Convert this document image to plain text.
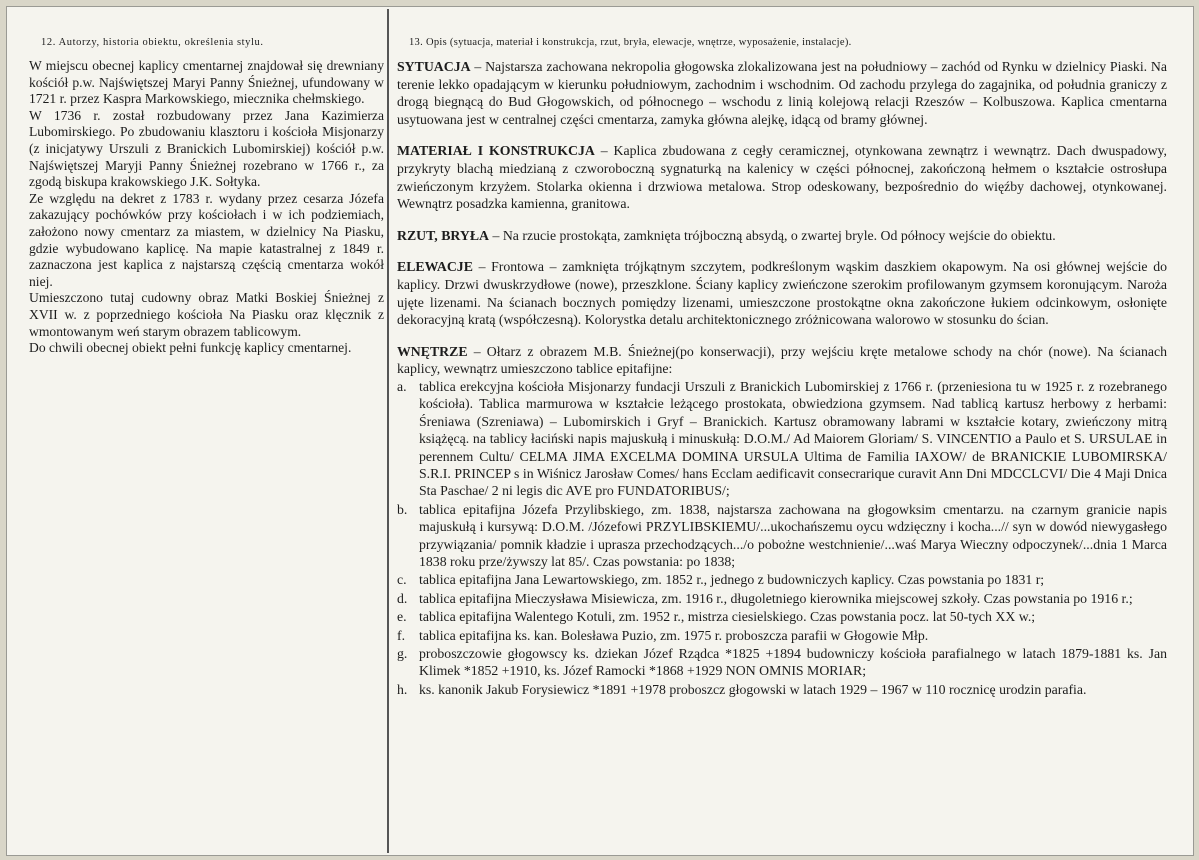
12. Autorzy, historia obiektu, określenia stylu.

W miejscu obecnej kaplicy cmentarnej znajdował się drewniany kościół p.w. Najświętszej Maryi Panny Śnieżnej, ufundowany w 1721 r. przez Kaspra Markowskiego, miecznika chełmskiego.

W 1736 r. został rozbudowany przez Jana Kazimierza Lubomirskiego. Po zbudowaniu klasztoru i kościoła Misjonarzy (z inicjatywy Urszuli z Branickich Lubomirskiej) kościół p.w. Najświętszej Maryji Panny Śnieżnej rozebrano w 1766 r., za zgodą biskupa krakowskiego J.K. Sołtyka.

Ze względu na dekret z 1783 r. wydany przez cesarza Józefa zakazujący pochówków przy kościołach i w ich podziemiach, założono nowy cmentarz za miastem, w dzielnicy Na Piasku, gdzie wybudowano kaplicę. Na mapie katastralnej z 1849 r. zaznaczona jest kaplica z najstarszą częścią cmentarza wokół niej.

Umieszczono tutaj cudowny obraz Matki Boskiej Śnieżnej z XVII w. z poprzedniego kościoła Na Piasku oraz klęcznik z wmontowanym weń starym obrazem tablicowym.

Do chwili obecnej obiekt pełni funkcję kaplicy cmentarnej.

13. Opis (sytuacja, materiał i konstrukcja, rzut, bryła, elewacje, wnętrze, wyposażenie, instalacje).

SYTUACJA – Najstarsza zachowana nekropolia głogowska zlokalizowana jest na południowy – zachód od Rynku w dzielnicy Piaski. Na terenie lekko opadającym w kierunku południowym, zachodnim i wschodnim. Od zachodu przylega do zagajnika, od południa graniczy z drogą biegnącą do Bud Głogowskich, od północnego – wschodu z linią kolejową relacji Rzeszów – Kolbuszowa. Kaplica cmentarna usytuowana jest w centralnej części cmentarza, zamyka główna alejkę, idącą od bramy głównej.

MATERIAŁ I KONSTRUKCJA – Kaplica zbudowana z cegły ceramicznej, otynkowana zewnątrz i wewnątrz. Dach dwuspadowy, przykryty blachą miedzianą z czworoboczną sygnaturką na kalenicy w części północnej, zakończoną hełmem o kształcie ostrosłupa zwieńczonym krzyżem. Stolarka okienna i drzwiowa metalowa. Strop odeskowany, bezpośrednio do więźby dachowej, otynkowanej. Wewnątrz posadzka kamienna, granitowa.

RZUT, BRYŁA – Na rzucie prostokąta, zamknięta trójboczną absydą, o zwartej bryle. Od północy wejście do obiektu.

ELEWACJE – Frontowa – zamknięta trójkątnym szczytem, podkreślonym wąskim daszkiem okapowym. Na osi głównej wejście do kaplicy. Drzwi dwuskrzydłowe (nowe), przeszklone. Ściany kaplicy zwieńczone szerokim profilowanym gzymsem koronującym. Naroża ujęte lizenami. Na ścianach bocznych pomiędzy lizenami, umieszczone prostokątne okna zakończone łukiem odcinkowym, osłonięte dekoracyjną kratą (współczesną). Kolorystka detalu architektonicznego zróżnicowana walorowo w stosunku do ścian.

WNĘTRZE – Ołtarz z obrazem M.B. Śnieżnej(po konserwacji), przy wejściu kręte metalowe schody na chór (nowe). Na ścianach kaplicy, wewnątrz umieszczono tablice epitafijne:

a. tablica erekcyjna kościoła Misjonarzy fundacji Urszuli z Branickich Lubomirskiej z 1766 r. (przeniesiona tu w 1925 r. z rozebranego kościoła). Tablica marmurowa w kształcie leżącego prostokata, obwiedziona gzymsem. Nad tablicą kartusz herbowy z herbami: Śreniawa (Szreniawa) – Lubomirskich i Gryf – Branickich. Kartusz obramowany labrami w kształcie kotary, zwieńczony mitrą książęcą. na tablicy łaciński napis majuskułą i minuskułą: D.O.M./ Ad Maiorem Gloriam/ S. VINCENTIO a Paulo et S. URSULAE in perennem Cultu/ CELMA JIMA EXCELMA DOMINA URSULA Ultima de Familia IAXOW/ de BRANICKIE LUBOMIRSKA/ S.R.I. PRINCEP s in Wiśnicz Jarosław Comes/ hans Ecclam aedificavit consecrarique curavit Ann Dni MDCCLCVI/ Die 4 Maji Dnica Sta Paschae/ 2 ni legis dic AVE pro FUNDATORIBUS/;
b. tablica epitafijna Józefa Przylibskiego, zm. 1838, najstarsza zachowana na głogowksim cmentarzu. na czarnym granicie napis majuskułą i kursywą: D.O.M. /Józefowi PRZYLIBSKIEMU/...ukochańszemu oycu wdzięczny i kocha...// syn w dowód niewygasłego przywiązania/ pomnik kładzie i uprasza przechodzących.../o pobożne westchnienie/...waś Marya Wieczny odpoczynek/...dnia 1 Marca 1838 roku prze/żywszy lat 85/. Czas powstania: po 1838;
c. tablica epitafijna Jana Lewartowskiego, zm. 1852 r., jednego z budowniczych kaplicy. Czas powstania po 1831 r;
d. tablica epitafijna Mieczysława Misiewicza, zm. 1916 r., długoletniego kierownika miejscowej szkoły. Czas powstania po 1916 r.;
e. tablica epitafijna Walentego Kotuli, zm. 1952 r., mistrza ciesielskiego. Czas powstania pocz. lat 50-tych XX w.;
f. tablica epitafijna ks. kan. Bolesława Puzio, zm. 1975 r. proboszcza parafii w Głogowie Młp.
g. proboszczowie głogowscy ks. dziekan Józef Rządca *1825 +1894 budowniczy kościoła parafialnego w latach 1879-1881 ks. Jan Klimek *1852 +1910, ks. Józef Ramocki *1868 +1929 NON OMNIS MORIAR;
h. ks. kanonik Jakub Forysiewicz *1891 +1978 proboszcz głogowski w latach 1929 – 1967 w 110 rocznicę urodzin parafia.
